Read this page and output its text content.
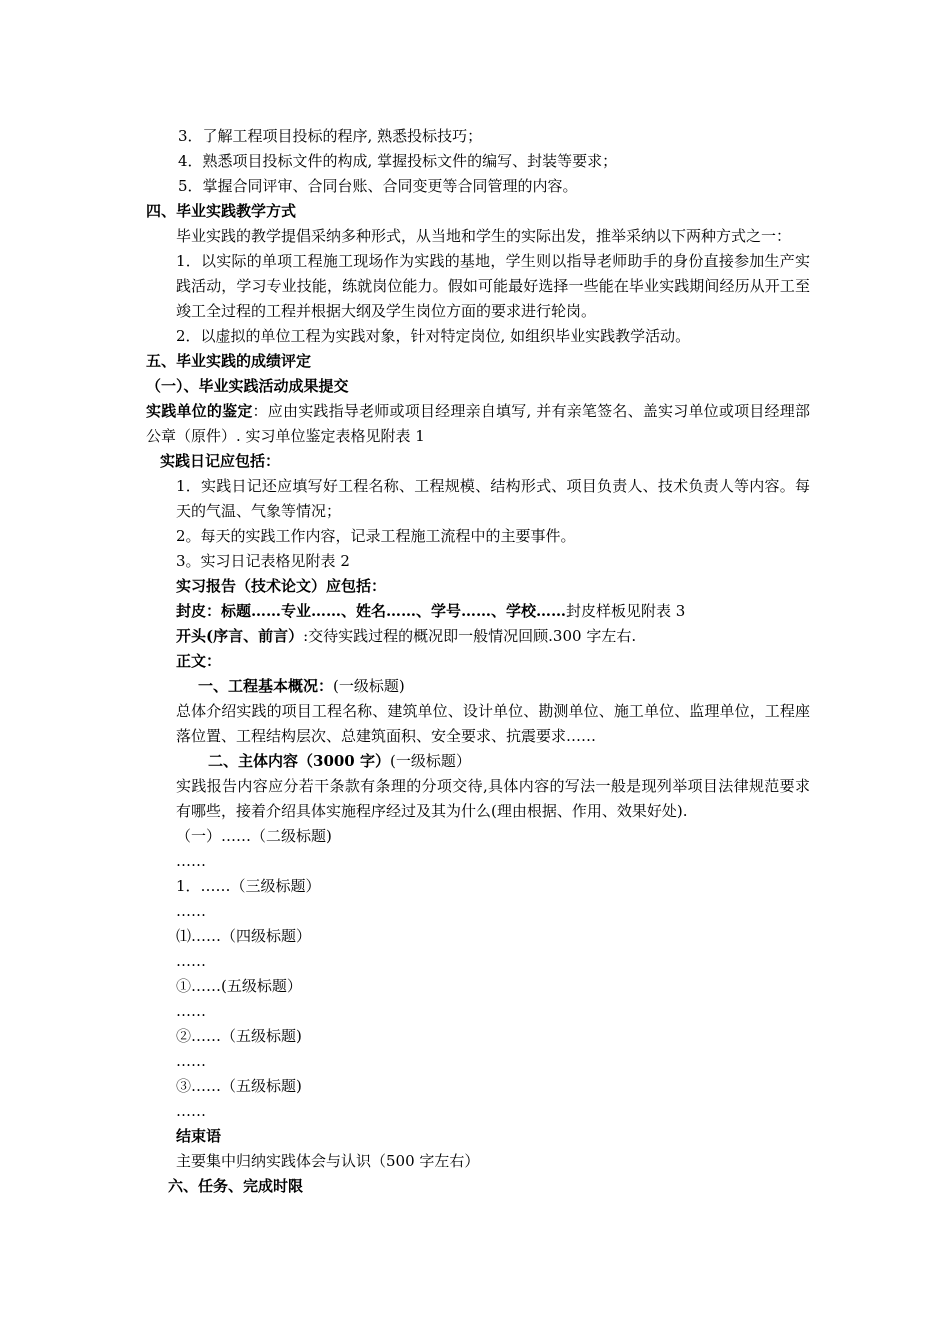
3．了解工程项目投标的程序, 熟悉投标技巧；

4．熟悉项目投标文件的构成, 掌握投标文件的编写、封装等要求；

5．掌握合同评审、合同台账、合同变更等合同管理的内容。

四、毕业实践教学方式

毕业实践的教学提倡采纳多种形式，从当地和学生的实际出发，推举采纳以下两种方式之一：

1．以实际的单项工程施工现场作为实践的基地，学生则以指导老师助手的身份直接参加生产实践活动，学习专业技能，练就岗位能力。假如可能最好选择一些能在毕业实践期间经历从开工至竣工全过程的工程并根据大纲及学生岗位方面的要求进行轮岗。

2．以虚拟的单位工程为实践对象，针对特定岗位, 如组织毕业实践教学活动。

五、毕业实践的成绩评定

（一）、毕业实践活动成果提交

实践单位的鉴定：应由实践指导老师或项目经理亲自填写, 并有亲笔签名、盖实习单位或项目经理部公章（原件）. 实习单位鉴定表格见附表 1

实践日记应包括：

1．实践日记还应填写好工程名称、工程规模、结构形式、项目负责人、技术负责人等内容。每天的气温、气象等情况；

2。每天的实践工作内容，记录工程施工流程中的主要事件。

3。实习日记表格见附表 2

实习报告（技术论文）应包括：

封皮：标题……专业……、姓名……、学号……、学校……封皮样板见附表 3

开头(序言、前言）:交待实践过程的概况即一般情况回顾.300 字左右.

正文：

一、工程基本概况：(一级标题)

总体介绍实践的项目工程名称、建筑单位、设计单位、勘测单位、施工单位、监理单位，工程座落位置、工程结构层次、总建筑面积、安全要求、抗震要求……

二、主体内容（3000 字）(一级标题）

实践报告内容应分若干条款有条理的分项交待,具体内容的写法一般是现列举项目法律规范要求有哪些，接着介绍具体实施程序经过及其为什么(理由根据、作用、效果好处).

（一）……（二级标题)

……

1．……（三级标题）

……

⑴……（四级标题）

……

①……(五级标题）

……

②……（五级标题)

……

③……（五级标题)

……

结束语

主要集中归纳实践体会与认识（500 字左右）

六、任务、完成时限
